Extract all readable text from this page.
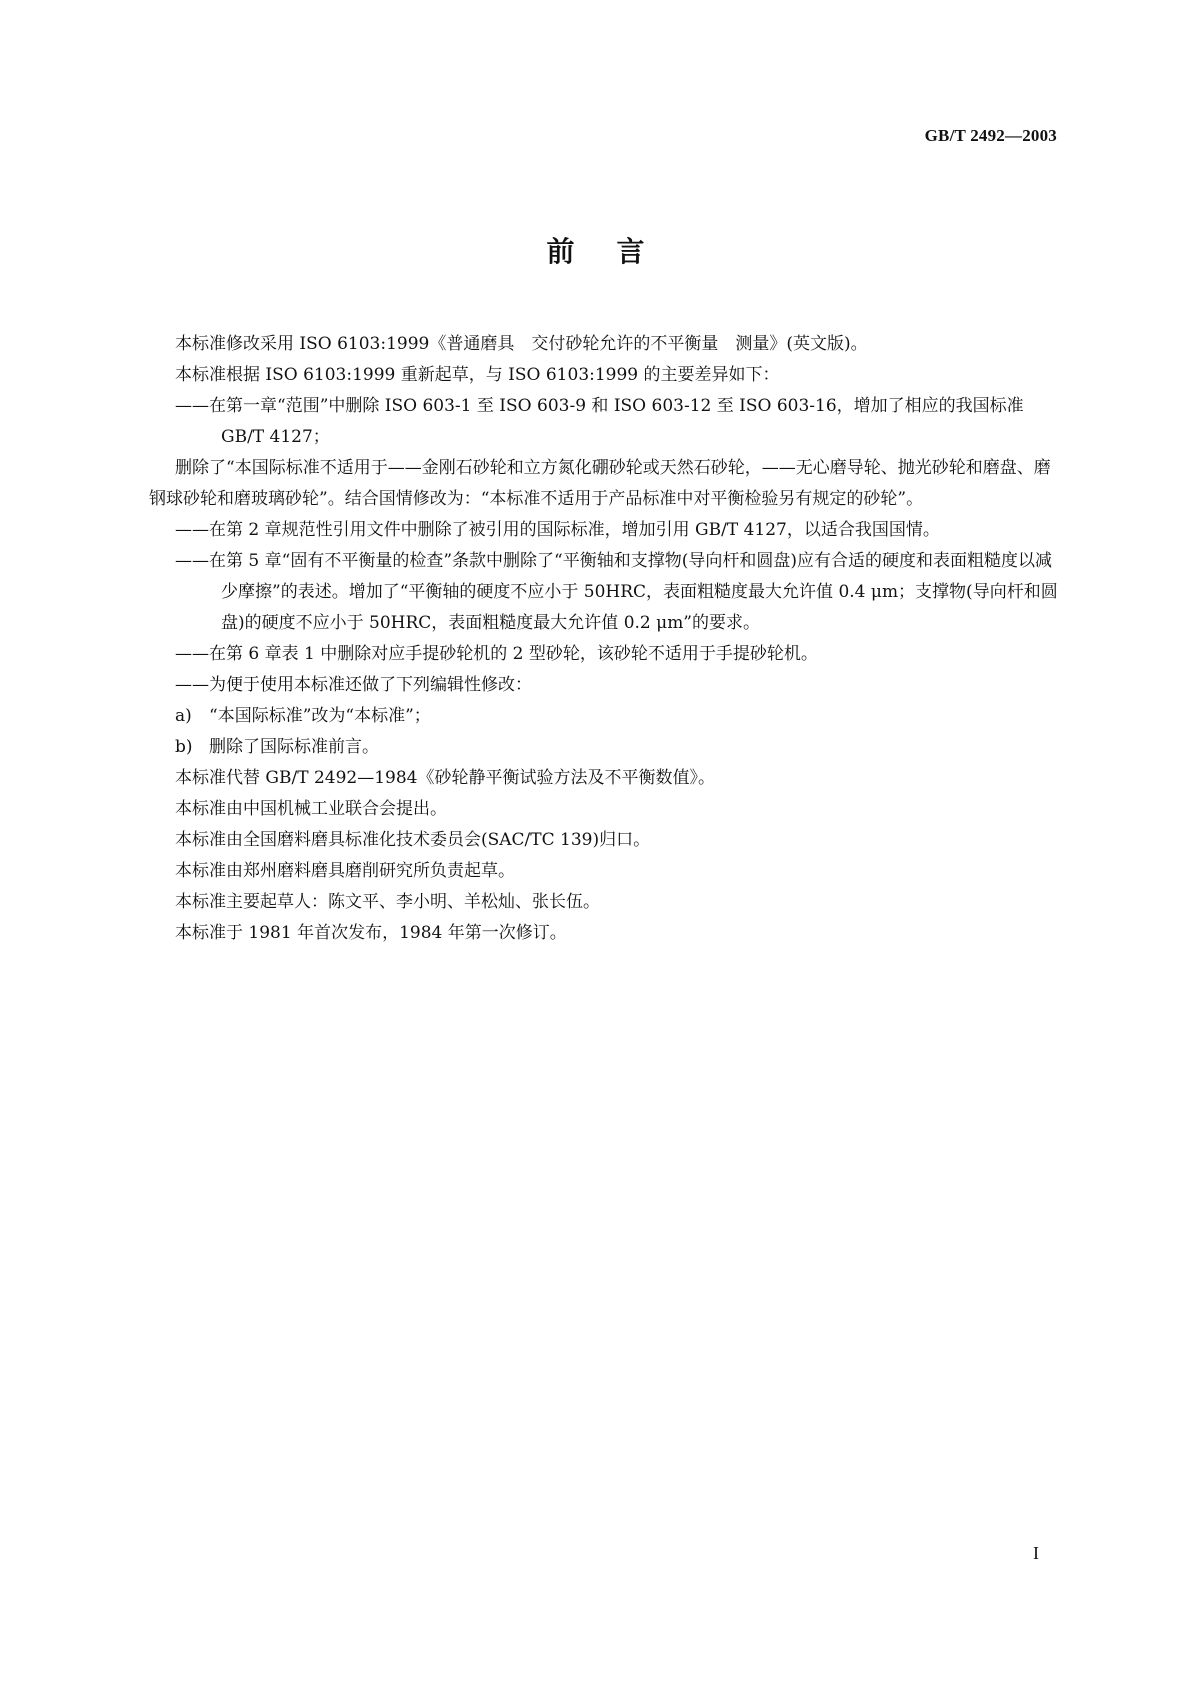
GB/T 2492—2003
前言

本标准修改采用 ISO 6103:1999《普通磨具　交付砂轮允许的不平衡量　测量》(英文版)。

本标准根据 ISO 6103:1999 重新起草，与 ISO 6103:1999 的主要差异如下：

——在第一章“范围”中删除 ISO 603-1 至 ISO 603-9 和 ISO 603-12 至 ISO 603-16，增加了相应的我国标准 GB/T 4127；

删除了“本国际标准不适用于——金刚石砂轮和立方氮化硼砂轮或天然石砂轮，——无心磨导轮、抛光砂轮和磨盘、磨钢球砂轮和磨玻璃砂轮”。结合国情修改为：“本标准不适用于产品标准中对平衡检验另有规定的砂轮”。

——在第 2 章规范性引用文件中删除了被引用的国际标准，增加引用 GB/T 4127，以适合我国国情。

——在第 5 章“固有不平衡量的检查”条款中删除了“平衡轴和支撑物(导向杆和圆盘)应有合适的硬度和表面粗糙度以减少摩擦”的表述。增加了“平衡轴的硬度不应小于 50HRC，表面粗糙度最大允许值 0.4 μm；支撑物(导向杆和圆盘)的硬度不应小于 50HRC，表面粗糙度最大允许值 0.2 μm”的要求。

——在第 6 章表 1 中删除对应手提砂轮机的 2 型砂轮，该砂轮不适用于手提砂轮机。

——为便于使用本标准还做了下列编辑性修改：

a) “本国际标准”改为“本标准”；

b) 删除了国际标准前言。

本标准代替 GB/T 2492—1984《砂轮静平衡试验方法及不平衡数值》。

本标准由中国机械工业联合会提出。

本标准由全国磨料磨具标准化技术委员会(SAC/TC 139)归口。

本标准由郑州磨料磨具磨削研究所负责起草。

本标准主要起草人：陈文平、李小明、羊松灿、张长伍。

本标准于 1981 年首次发布，1984 年第一次修订。

I
